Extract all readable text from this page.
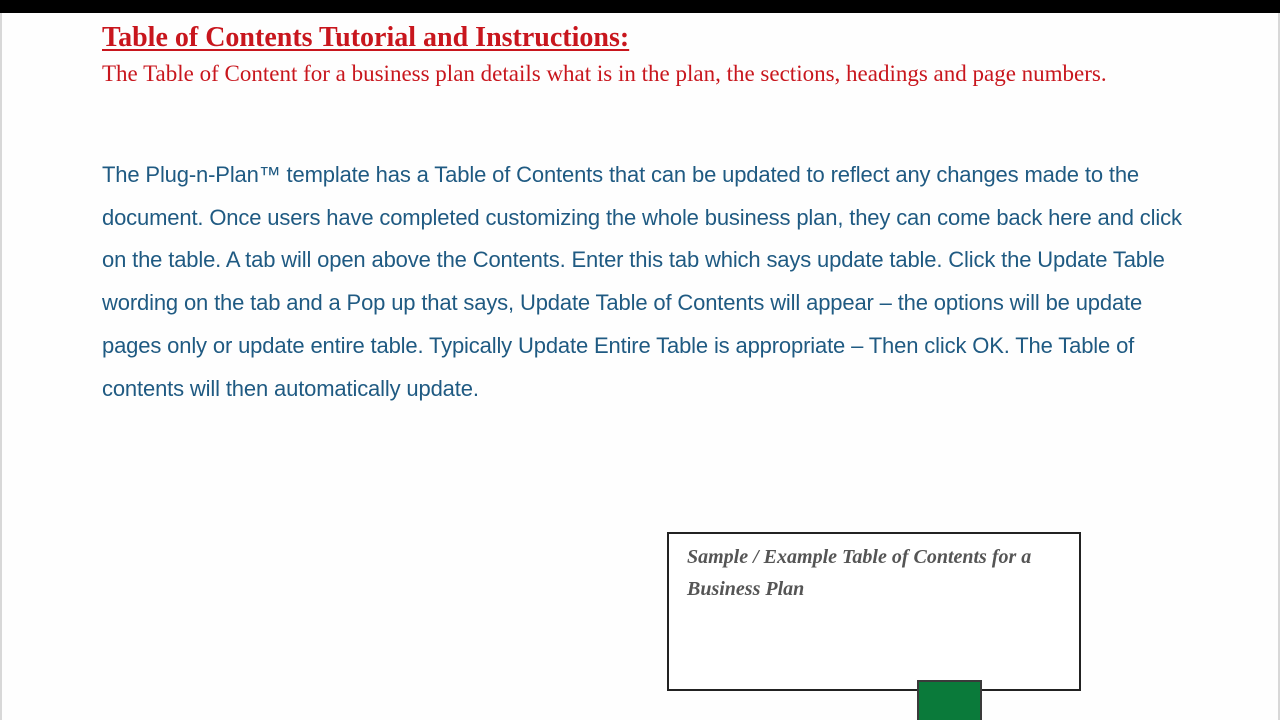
Table of Contents Tutorial and Instructions:

The Table of Content for a business plan details what is in the plan, the sections, headings and page numbers.

The Plug-n-Plan™ template has a Table of Contents that can be updated to reflect any changes made to the document. Once users have completed customizing the whole business plan, they can come back here and click on the table. A tab will open above the Contents. Enter this tab which says update table. Click the Update Table wording on the tab and a Pop up that says, Update Table of Contents will appear – the options will be update pages only or update entire table. Typically Update Entire Table is appropriate – Then click OK. The Table of contents will then automatically update.

Sample / Example Table of Contents for a Business Plan
